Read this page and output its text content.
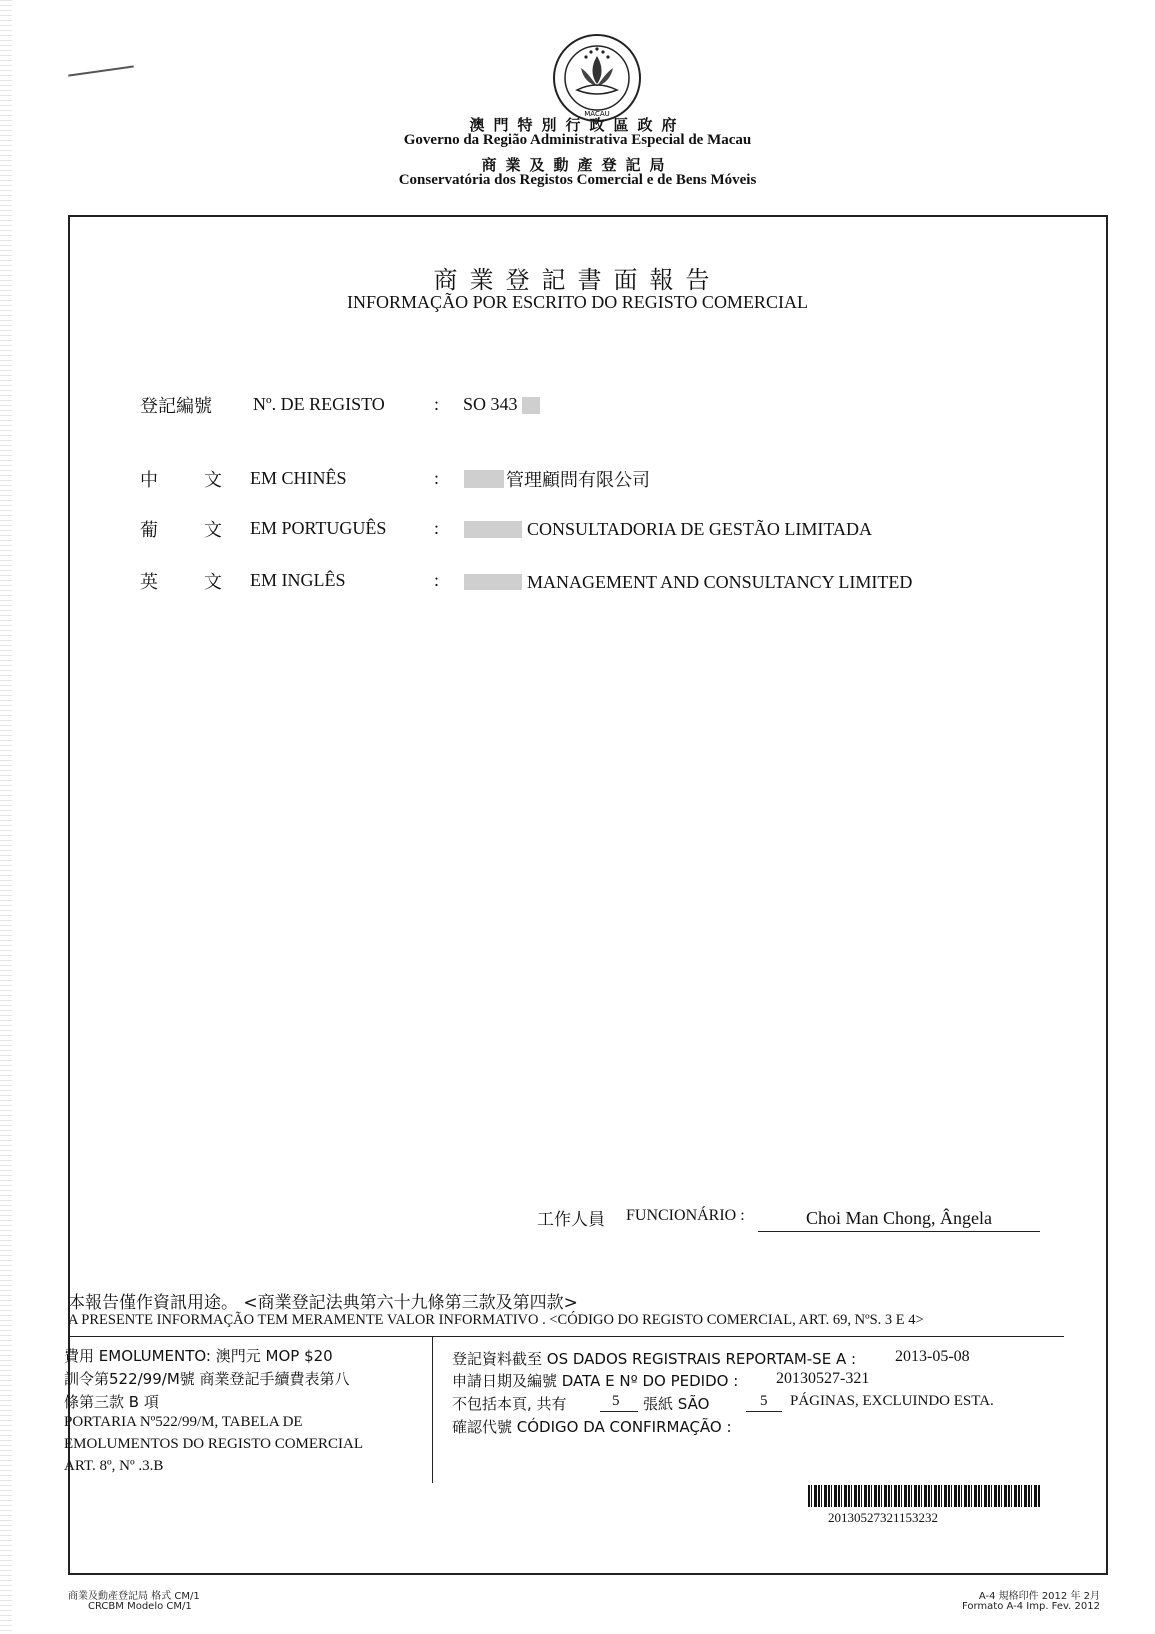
MACAU
澳門特別行政區政府
Governo da Região Administrativa Especial de Macau
商業及動產登記局
Conservatória dos Registos Comercial e de Bens Móveis
商業登記書面報告
INFORMAÇÃO POR ESCRITO DO REGISTO COMERCIAL
登記編號 Nº. DE REGISTO	: SO 343
中	文 EM CHINÊS	:	管理顧問有限公司
葡	文 EM PORTUGUÊS	:	CONSULTADORIA DE GESTÃO LIMITADA
英	文 EM INGLÊS	:	MANAGEMENT AND CONSULTANCY LIMITED
工作人員 FUNCIONÁRIO :	Choi Man Chong, Ângela
本報告僅作資訊用途。 <商業登記法典第六十九條第三款及第四款>
A PRESENTE INFORMAÇÃO TEM MERAMENTE VALOR INFORMATIVO . <CÓDIGO DO REGISTO COMERCIAL, ART. 69, NºS. 3 E 4>
費用 EMOLUMENTO: 澳門元 MOP $20
訓令第522/99/M號 商業登記手續費表第八
條第三款 B 項
PORTARIA Nº522/99/M, TABELA DE
EMOLUMENTOS DO REGISTO COMERCIAL
ART. 8º, Nº .3.B
登記資料截至 OS DADOS REGISTRAIS REPORTAM-SE A : 2013-05-08
申請日期及編號 DATA E Nº DO PEDIDO : 20130527-321
不包括本頁, 共有	5 張紙 SÃO	5 PÁGINAS, EXCLUINDO ESTA.
確認代號 CÓDIGO DA CONFIRMAÇÃO :
20130527321153232
商業及動產登記局 格式 CM/1
CRCBM Modelo CM/1
A-4 規格印件 2012 年 2月
Formato A-4 Imp. Fev. 2012
